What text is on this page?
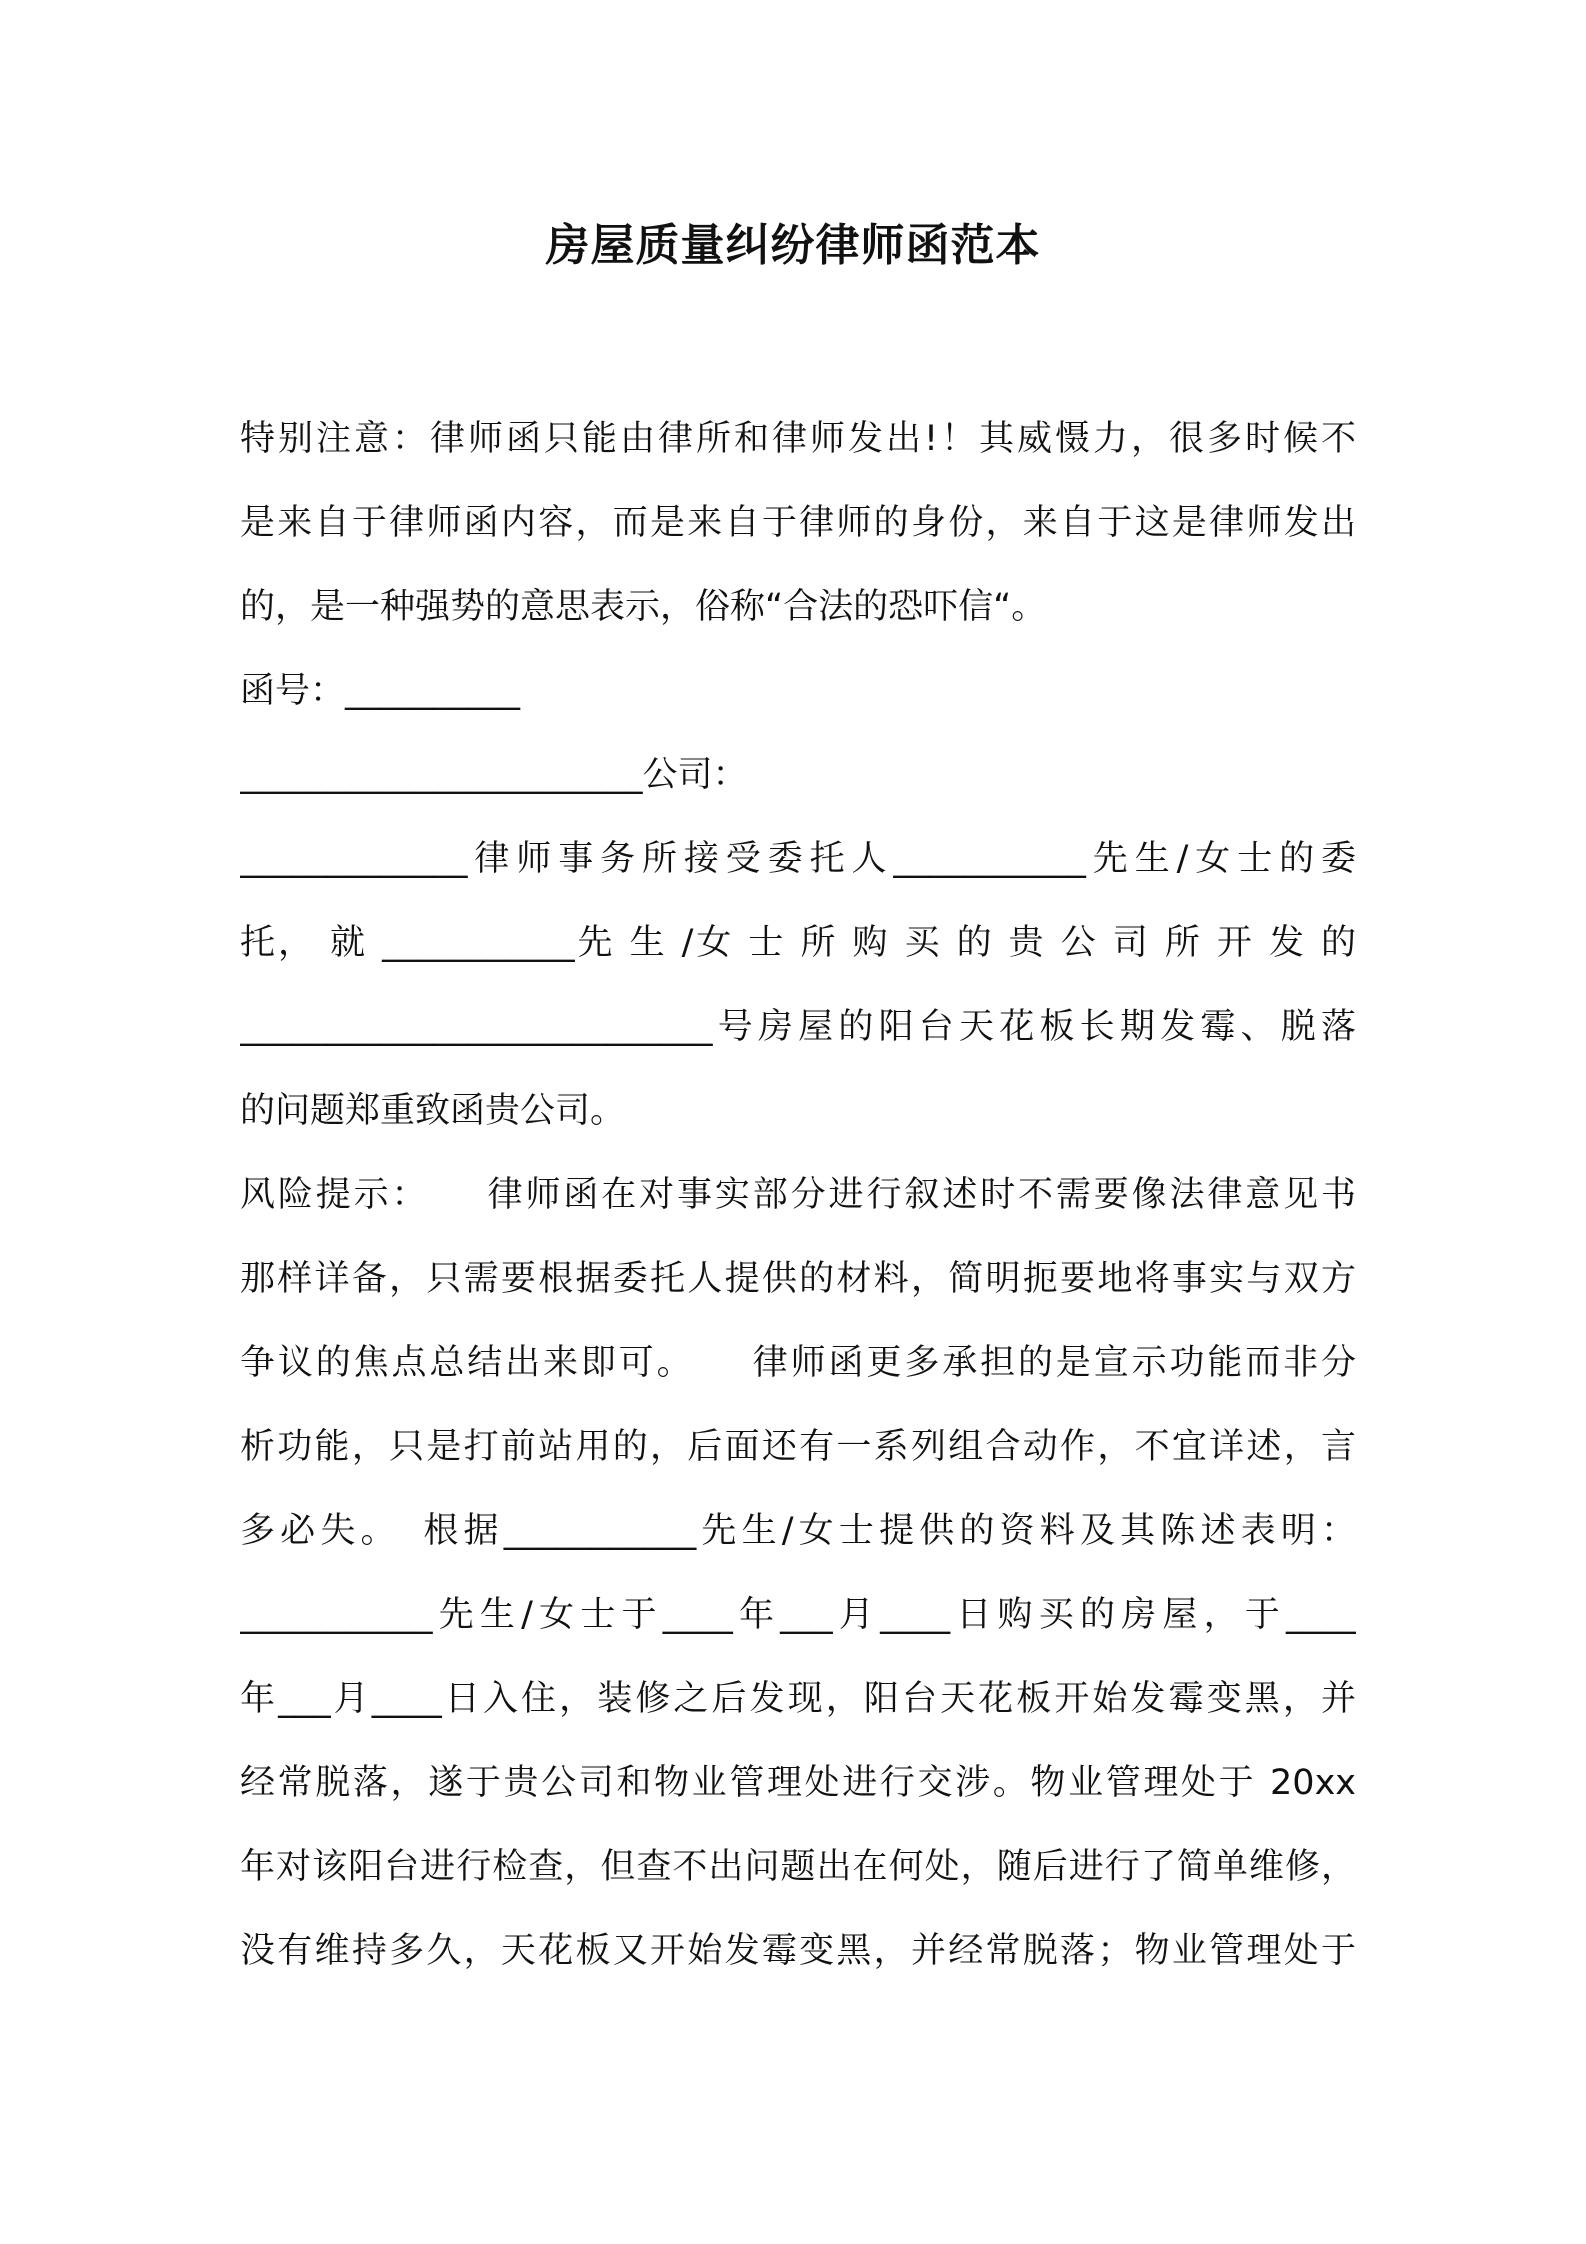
房屋质量纠纷律师函范本
特别注意：律师函只能由律所和律师发出!！其威慑力，很多时候不
是来自于律师函内容，而是来自于律师的身份，来自于这是律师发出
的，是一种强势的意思表示，俗称“合法的恐吓信“。
函号：__________
_______________________公司：
_____________律师事务所接受委托人___________先生/女士的委
托， 就 ___________先 生 /女 士 所 购 买 的 贵 公 司 所 开 发 的
___________________________号房屋的阳台天花板长期发霉、脱落
的问题郑重致函贵公司。
风险提示：　　律师函在对事实部分进行叙述时不需要像法律意见书
那样详备，只需要根据委托人提供的材料，简明扼要地将事实与双方
争议的焦点总结出来即可。　　律师函更多承担的是宣示功能而非分
析功能，只是打前站用的，后面还有一系列组合动作，不宜详述，言
多必失。　根据___________先生/女士提供的资料及其陈述表明：
___________先生/女士于____年___月____日购买的房屋，于____
年___月____日入住，装修之后发现，阳台天花板开始发霉变黑，并
经常脱落，遂于贵公司和物业管理处进行交涉。物业管理处于 20xx
年对该阳台进行检查，但查不出问题出在何处，随后进行了简单维修，
没有维持多久，天花板又开始发霉变黑，并经常脱落；物业管理处于
